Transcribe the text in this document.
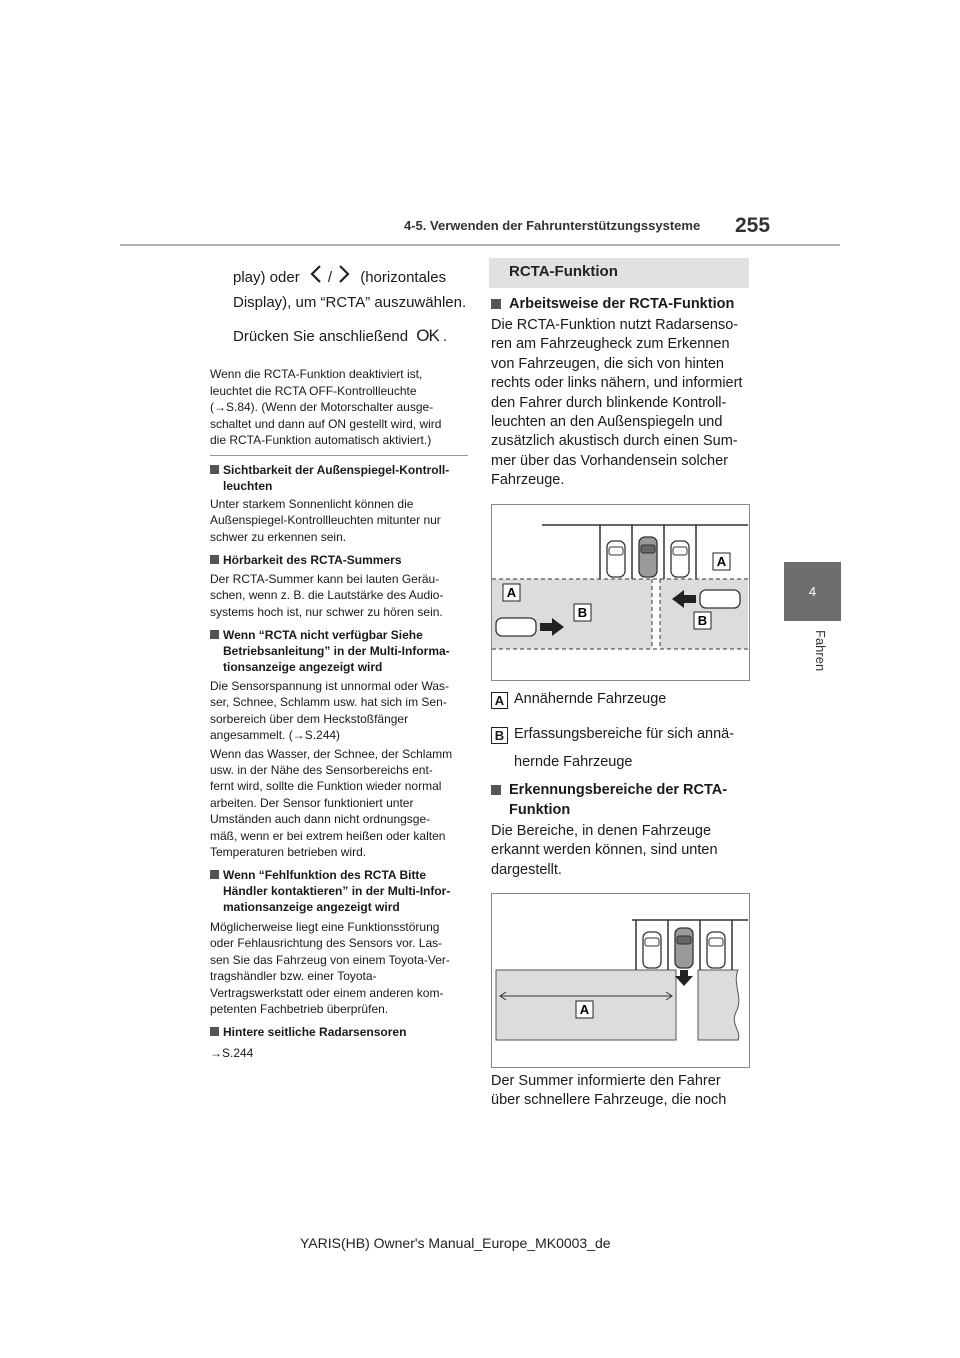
4-5. Verwenden der Fahrunterstützungssysteme 255
4
Fahren
play) oder / (horizontales
Display), um “RCTA” auszuwählen.
Drücken Sie anschließend OK .
Wenn die RCTA-Funktion deaktiviert ist,
leuchtet die RCTA OFF-Kontrollleuchte
(→S.84). (Wenn der Motorschalter ausge-
schaltet und dann auf ON gestellt wird, wird
die RCTA-Funktion automatisch aktiviert.)
Sichtbarkeit der Außenspiegel-Kontroll-
leuchten
Unter starkem Sonnenlicht können die
Außenspiegel-Kontrollleuchten mitunter nur
schwer zu erkennen sein.
Hörbarkeit des RCTA-Summers
Der RCTA-Summer kann bei lauten Geräu-
schen, wenn z. B. die Lautstärke des Audio-
systems hoch ist, nur schwer zu hören sein.
Wenn “RCTA nicht verfügbar Siehe
Betriebsanleitung” in der Multi-Informa-
tionsanzeige angezeigt wird
Die Sensorspannung ist unnormal oder Was-
ser, Schnee, Schlamm usw. hat sich im Sen-
sorbereich über dem Heckstoßfänger
angesammelt. (→S.244)
Wenn das Wasser, der Schnee, der Schlamm
usw. in der Nähe des Sensorbereichs ent-
fernt wird, sollte die Funktion wieder normal
arbeiten. Der Sensor funktioniert unter
Umständen auch dann nicht ordnungsge-
mäß, wenn er bei extrem heißen oder kalten
Temperaturen betrieben wird.
Wenn “Fehlfunktion des RCTA Bitte
Händler kontaktieren” in der Multi-Infor-
mationsanzeige angezeigt wird
Möglicherweise liegt eine Funktionsstörung
oder Fehlausrichtung des Sensors vor. Las-
sen Sie das Fahrzeug von einem Toyota-Ver-
tragshändler bzw. einer Toyota-
Vertragswerkstatt oder einem anderen kom-
petenten Fachbetrieb überprüfen.
Hintere seitliche Radarsensoren
→S.244
RCTA-Funktion
Arbeitsweise der RCTA-Funktion
Die RCTA-Funktion nutzt Radarsenso-
ren am Fahrzeugheck zum Erkennen
von Fahrzeugen, die sich von hinten
rechts oder links nähern, und informiert
den Fahrer durch blinkende Kontroll-
leuchten an den Außenspiegeln und
zusätzlich akustisch durch einen Sum-
mer über das Vorhandensein solcher
Fahrzeuge.
A
A
B
B
A Annähernde Fahrzeuge
B Erfassungsbereiche für sich annä-
hernde Fahrzeuge
Erkennungsbereiche der RCTA-
Funktion
Die Bereiche, in denen Fahrzeuge
erkannt werden können, sind unten
dargestellt.
A
Der Summer informierte den Fahrer
über schnellere Fahrzeuge, die noch
YARIS(HB) Owner's Manual_Europe_MK0003_de
